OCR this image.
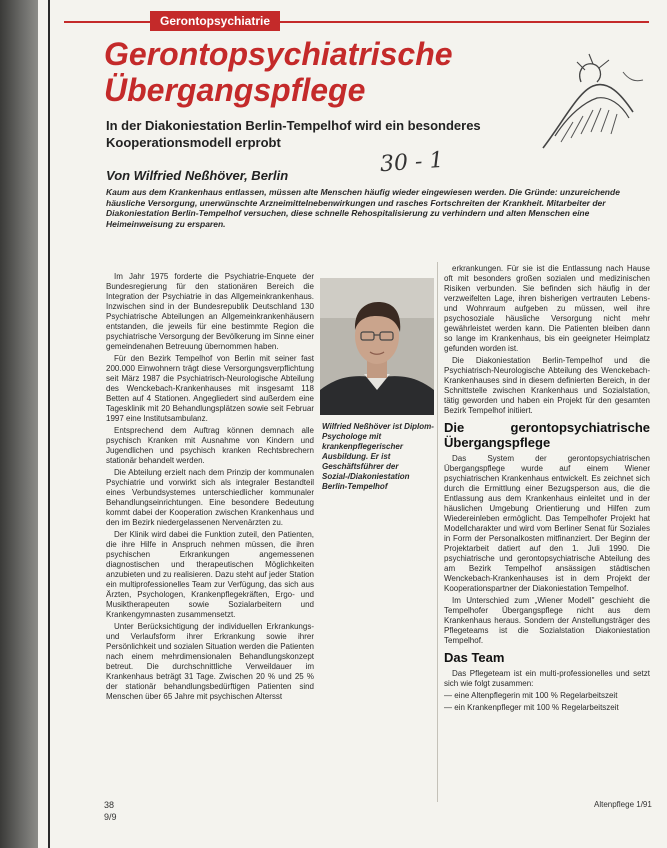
Gerontopsychiatrie
Gerontopsychiatrische Übergangspflege

In der Diakoniestation Berlin-Tempelhof wird ein besonderes Kooperationsmodell erprobt

Von Wilfried Neßhöver, Berlin	30 - 1

Kaum aus dem Krankenhaus entlassen, müssen alte Menschen häufig wieder eingewiesen werden. Die Gründe: unzureichende häusliche Versorgung, unerwünschte Arzneimittelnebenwirkungen und rasches Fortschreiten der Krankheit. Mitarbeiter der Diakoniestation Berlin-Tempelhof versuchen, diese schnelle Rehospitalisierung zu verhindern und alten Menschen eine Heimeinweisung zu ersparen.

Im Jahr 1975 forderte die Psychiatrie-Enquete der Bundesregierung für den stationären Bereich die Integration der Psychiatrie in das Allgemeinkrankenhaus. Inzwischen sind in der Bundesrepublik Deutschland 130 Psychiatrische Abteilungen an Allgemeinkrankenhäusern entstanden, die jeweils für eine bestimmte Region die psychiatrische Versorgung der Bevölkerung im Sinne einer gemeindenahen Betreuung übernommen haben.

Für den Bezirk Tempelhof von Berlin mit seiner fast 200.000 Einwohnern trägt diese Versorgungsverpflichtung seit März 1987 die Psychiatrisch-Neurologische Abteilung des Wenckebach-Krankenhauses mit insgesamt 118 Betten auf 4 Stationen. Angegliedert sind außerdem eine Tagesklinik mit 20 Behandlungsplätzen sowie seit Februar 1997 eine Institutsambulanz.

Entsprechend dem Auftrag können demnach alle psychisch Kranken mit Ausnahme von Kindern und Jugendlichen und psychisch kranken Rechtsbrechern stationär behandelt werden.

Die Abteilung erzielt nach dem Prinzip der kommunalen Psychiatrie und vorwirkt sich als integraler Bestandteil eines Verbundsystemes unterschiedlicher kommunaler Behandlungseinrichtungen. Eine besondere Bedeutung kommt dabei der Kooperation zwischen Krankenhaus und den im Bezirk niedergelassenen Nervenärzten zu.

Der Klinik wird dabei die Funktion zuteil, den Patienten, die ihre Hilfe in Anspruch nehmen müssen, die ihren psychischen Erkrankungen angemessenen diagnostischen und therapeutischen Möglichkeiten anzubieten und zu realisieren. Dazu steht auf jeder Station ein multiprofessionelles Team zur Verfügung, das sich aus Ärzten, Psychologen, Krankenpflegekräften, Ergo- und Musiktherapeuten sowie Sozialarbeitern und Krankengymnasten zusammensetzt.

Unter Berücksichtigung der individuellen Erkrankungs- und Verlaufsform ihrer Erkrankung sowie ihrer Persönlichkeit und sozialen Situation werden die Patienten nach einem mehrdimensionalen Behandlungskonzept betreut. Die durchschnittliche Verweildauer im Krankenhaus beträgt 31 Tage. Zwischen 20 % und 25 % der stationär behandlungsbedürftigen Patienten sind Menschen über 65 Jahre mit psychischen Altersst

Wilfried Neßhöver ist Diplom-Psychologe mit krankenpflegerischer Ausbildung. Er ist Geschäftsführer der Sozial-/Diakoniestation Berlin-Tempelhof

erkrankungen. Für sie ist die Entlassung nach Hause oft mit besonders großen sozialen und medizinischen Risiken verbunden. Sie befinden sich häufig in der verzweifelten Lage, ihren bisherigen vertrauten Lebens- und Wohnraum aufgeben zu müssen, weil ihre psychosoziale häusliche Versorgung nicht mehr gewährleistet werden kann. Die Patienten bleiben dann so lange im Krankenhaus, bis ein geeigneter Heimplatz gefunden worden ist.

Die Diakoniestation Berlin-Tempelhof und die Psychiatrisch-Neurologische Abteilung des Wenckebach-Krankenhauses sind in diesem definierten Bereich, in der Schnittstelle zwischen Krankenhaus und Sozialstation, tätig geworden und haben ein Projekt für den gesamten Bezirk Tempelhof initiiert.

Die gerontopsychiatrische Übergangspflege

Das System der gerontopsychiatrischen Übergangspflege wurde auf einem Wiener psychiatrischen Krankenhaus entwickelt. Es zeichnet sich durch die Ermittlung einer Bezugsperson aus, die die Entlassung aus dem Krankenhaus einleitet und in der häuslichen Umgebung Orientierung und Hilfen zum Wiedereinleben ermöglicht. Das Tempelhofer Projekt hat Modellcharakter und wird vom Berliner Senat für Soziales in Form der Personalkosten mitfinanziert. Der Beginn der Projektarbeit datiert auf den 1. Juli 1990. Die psychiatrische und gerontopsychiatrische Abteilung des am Bezirk Tempelhof ansässigen städtischen Wenckebach-Krankenhauses ist in dem Projekt der Kooperationspartner der Diakoniestation Tempelhof.

Im Unterschied zum „Wiener Modell" geschieht die Tempelhofer Übergangspflege nicht aus dem Krankenhaus heraus. Sondern der Anstellungsträger des Pflegeteams ist die Sozialstation Diakoniestation Tempelhof.

Das Team

Das Pflegeteam ist ein multi-professionelles und setzt sich wie folgt zusammen:

— eine Altenpflegerin mit 100 % Regelarbeitszeit

— ein Krankenpfleger mit 100 % Regelarbeitszeit

38
9/9
Altenpflege 1/91
